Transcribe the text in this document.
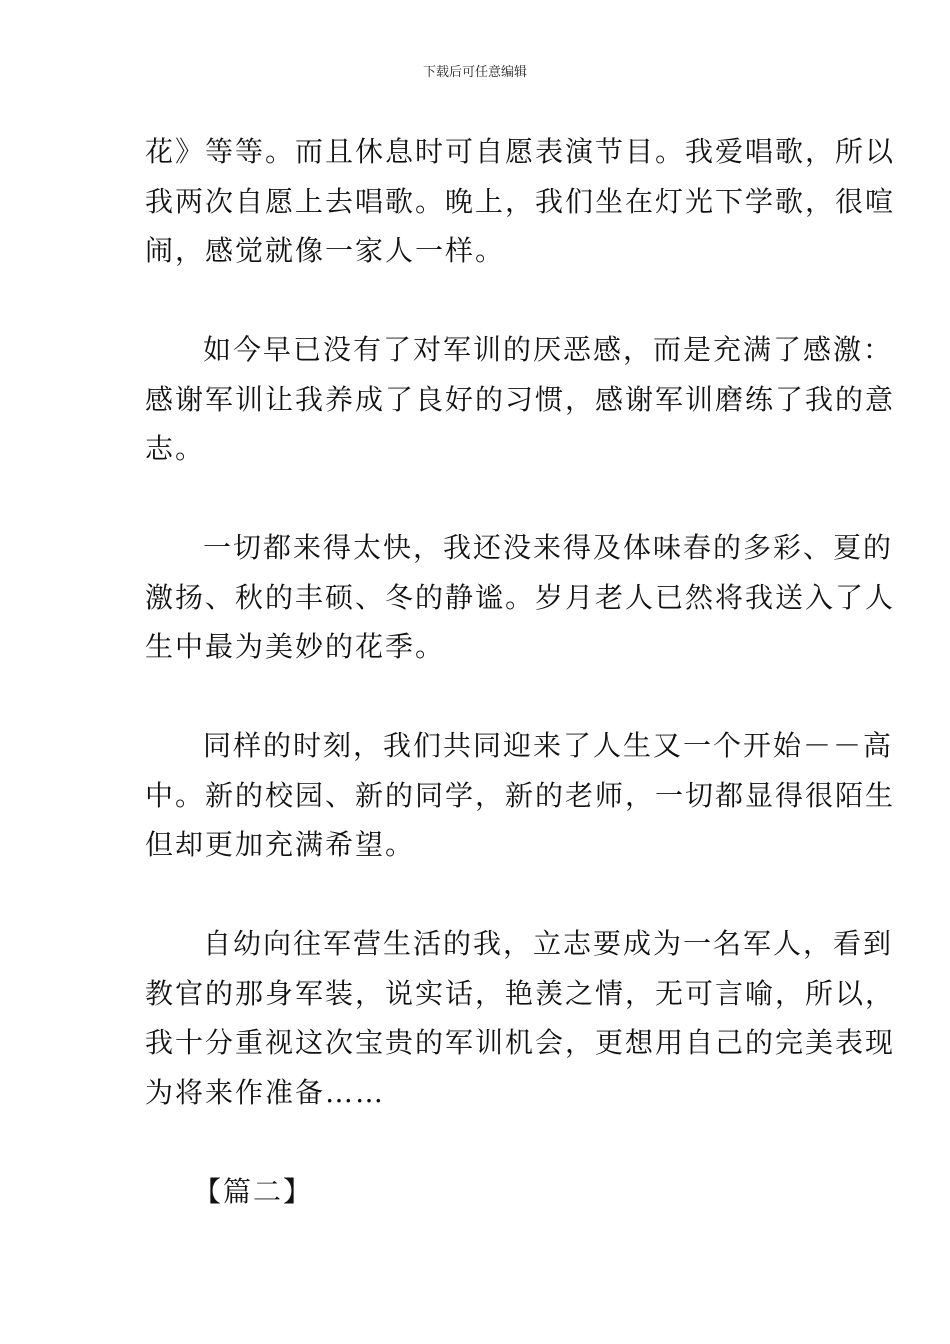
下载后可任意编辑
花》等等。而且休息时可自愿表演节目。我爱唱歌，所以
我两次自愿上去唱歌。晚上，我们坐在灯光下学歌，很喧
闹，感觉就像一家人一样。
如今早已没有了对军训的厌恶感，而是充满了感激：
感谢军训让我养成了良好的习惯，感谢军训磨练了我的意
志。
一切都来得太快，我还没来得及体味春的多彩、夏的
激扬、秋的丰硕、冬的静谧。岁月老人已然将我送入了人
生中最为美妙的花季。
同样的时刻，我们共同迎来了人生又一个开始－－高
中。新的校园、新的同学，新的老师，一切都显得很陌生
但却更加充满希望。
自幼向往军营生活的我，立志要成为一名军人，看到
教官的那身军装，说实话，艳羡之情，无可言喻，所以，
我十分重视这次宝贵的军训机会，更想用自己的完美表现
为将来作准备……
【篇二】
